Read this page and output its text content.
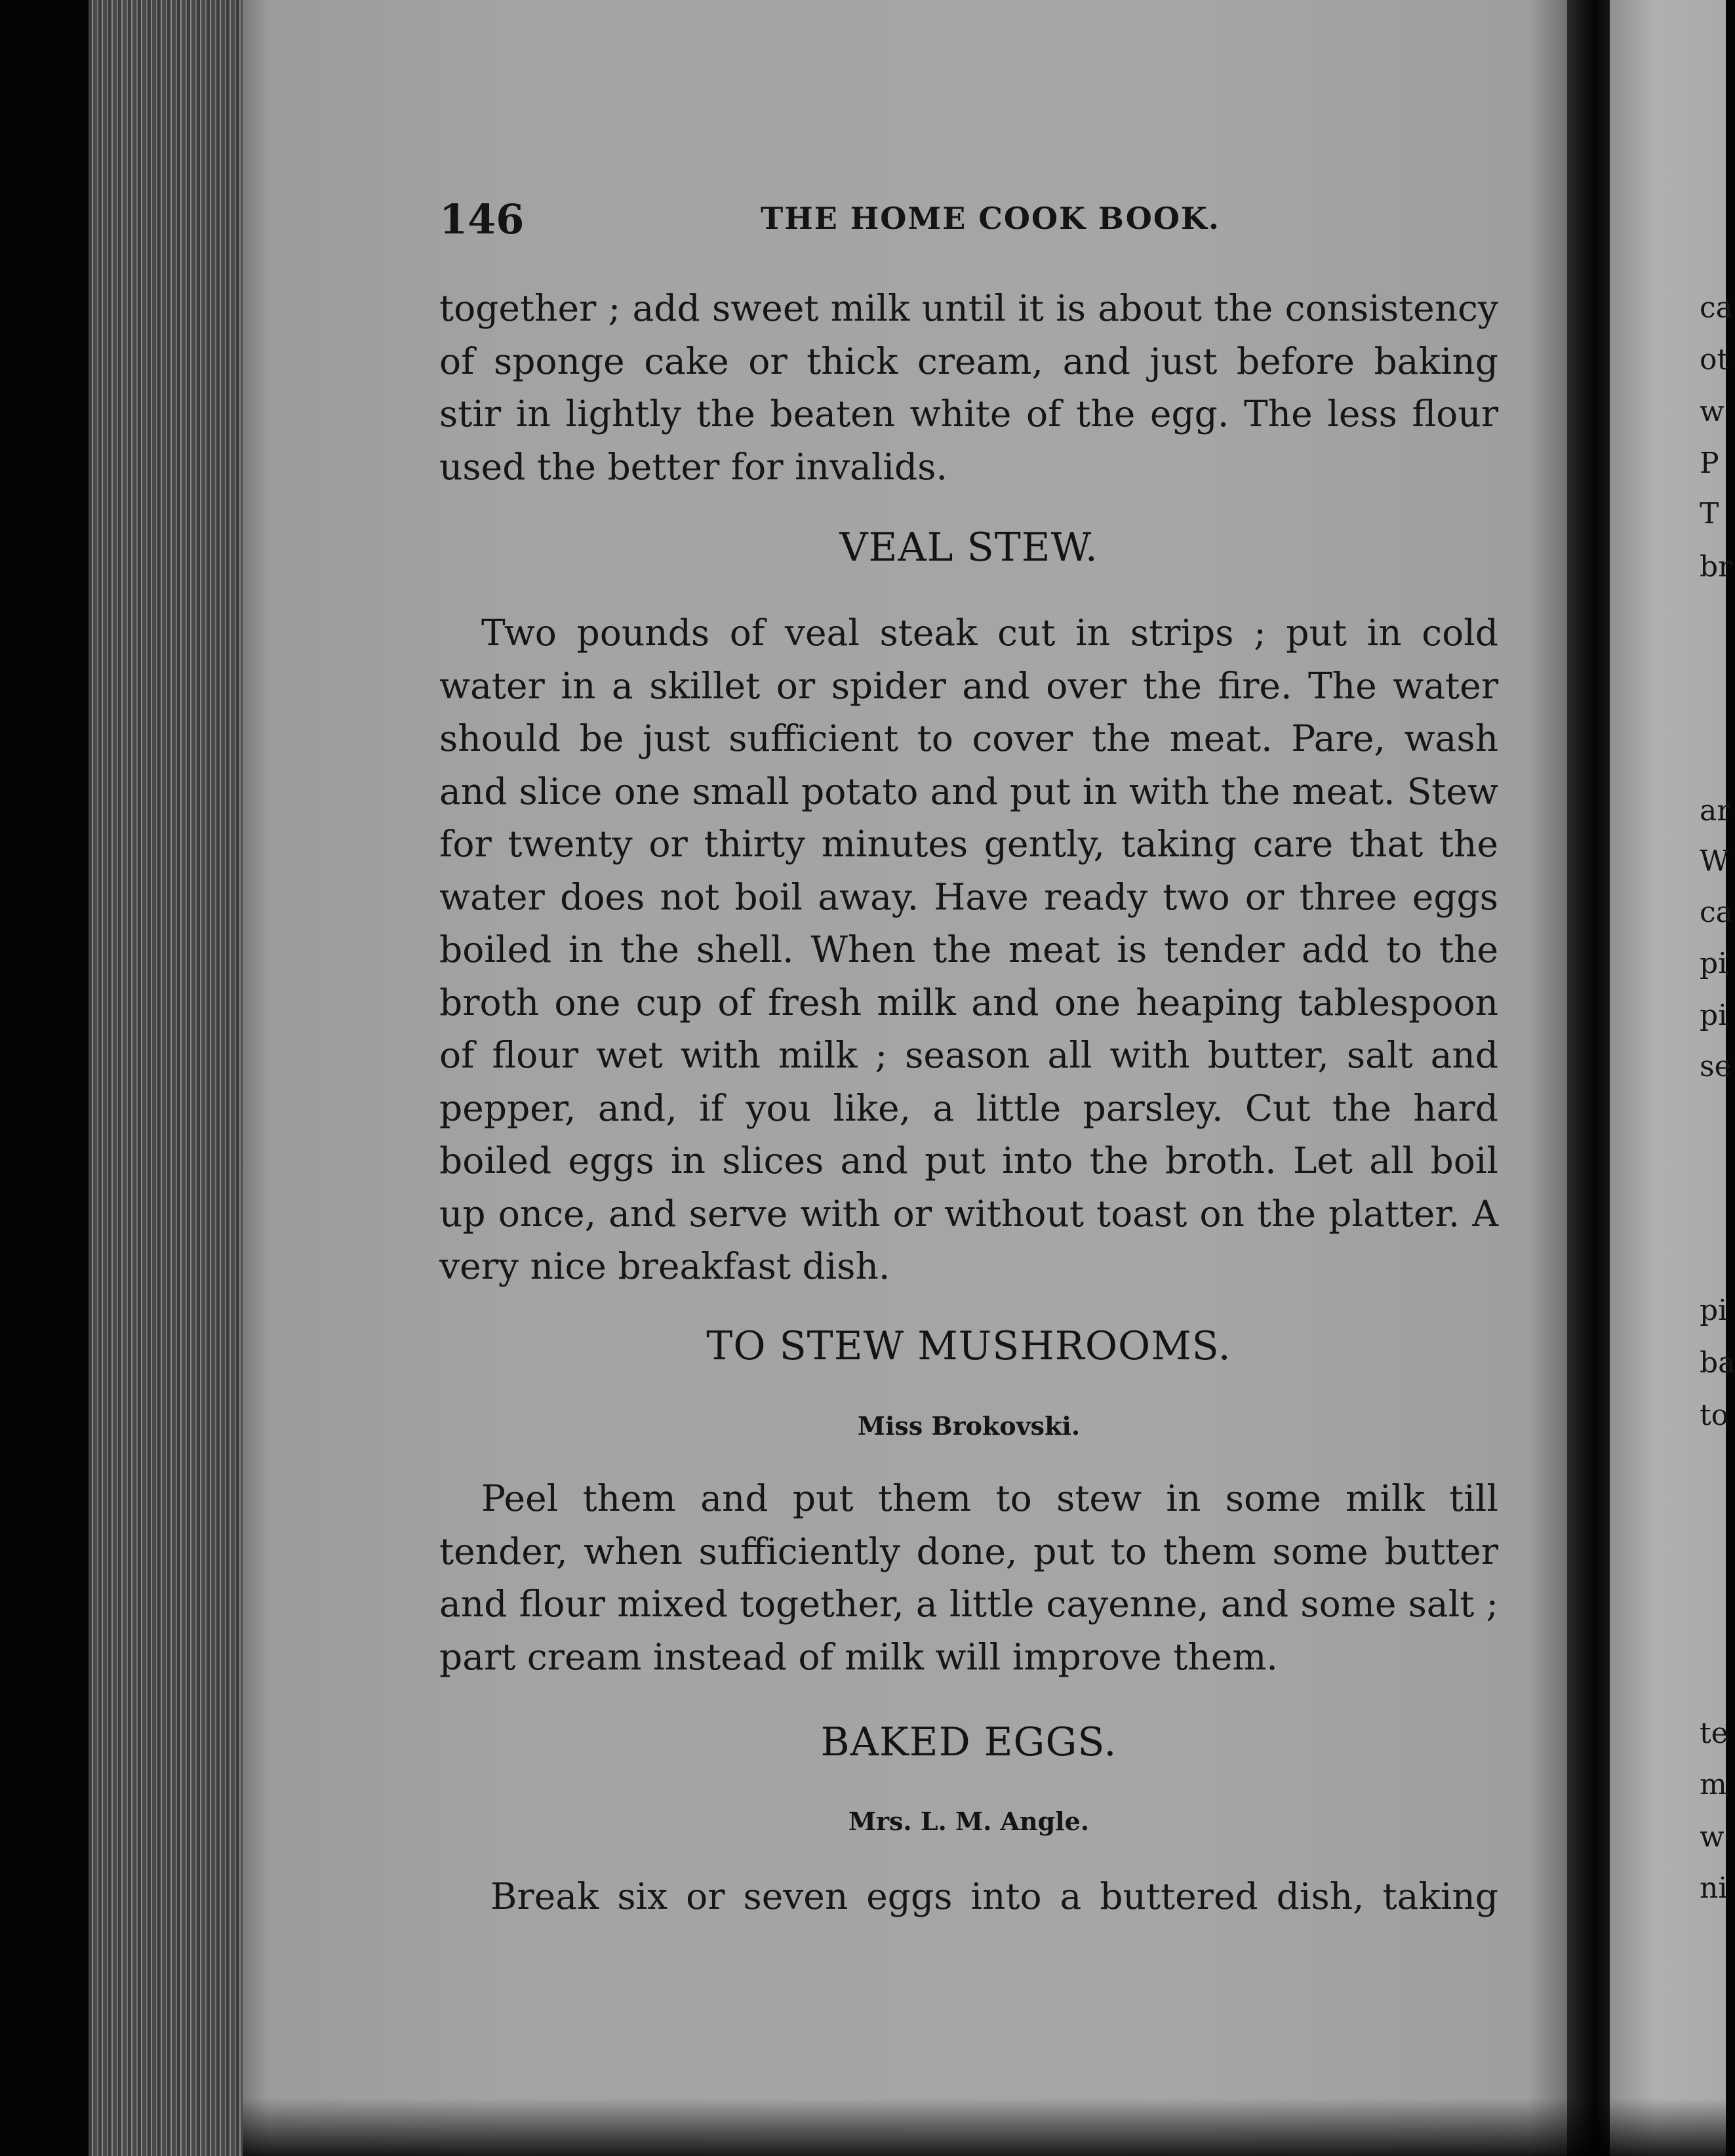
146	THE HOME COOK BOOK.
together ; add sweet milk until it is about the consistency of sponge cake or thick cream, and just before baking stir in lightly the beaten white of the egg. The less flour used the better for invalids.
VEAL STEW.
Two pounds of veal steak cut in strips ; put in cold water in a skillet or spider and over the fire. The water should be just sufficient to cover the meat. Pare, wash and slice one small potato and put in with the meat. Stew for twenty or thirty minutes gently, taking care that the water does not boil away. Have ready two or three eggs boiled in the shell. When the meat is tender add to the broth one cup of fresh milk and one heaping tablespoon of flour wet with milk ; season all with butter, salt and pepper, and, if you like, a little parsley. Cut the hard boiled eggs in slices and put into the broth. Let all boil up once, and serve with or without toast on the platter. A very nice breakfast dish.
TO STEW MUSHROOMS.
Miss Brokovski.
Peel them and put them to stew in some milk till tender, when sufficiently done, put to them some butter and flour mixed together, a little cayenne, and some salt ; part cream instead of milk will improve them.
BAKED EGGS.
Mrs. L. M. Angle.
Break six or seven eggs into a buttered dish, taking
ca
ot
w
P
T
br
ar
W
ca
pi
pi
se
pi
ba
to
te
m
w
ni
